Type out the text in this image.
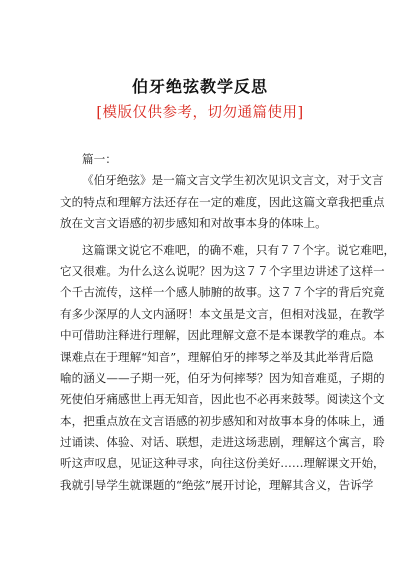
伯牙绝弦教学反思
[模版仅供参考，切勿通篇使用]
篇一：
《伯牙绝弦》是一篇文言文学生初次见识文言文，对于文言
文的特点和理解方法还存在一定的难度，因此这篇文章我把重点
放在文言文语感的初步感知和对故事本身的体味上。
这篇课文说它不难吧，的确不难，只有７７个字。说它难吧，
它又很难。为什么这么说呢？因为这７７个字里边讲述了这样一
个千古流传，这样一个感人肺腑的故事。这７７个字的背后究竟
有多少深厚的人文内涵呀！本文虽是文言，但相对浅显，在教学
中可借助注释进行理解，因此理解文意不是本课教学的难点。本
课难点在于理解“知音”，理解伯牙的摔琴之举及其此举背后隐
喻的涵义——子期一死，伯牙为何摔琴？因为知音难觅，子期的
死使伯牙痛感世上再无知音，因此也不必再来鼓琴。阅读这个文
本，把重点放在文言语感的初步感知和对故事本身的体味上，通
过诵读、体验、对话、联想，走进这场悲剧，理解这个寓言，聆
听这声叹息，见证这种寻求，向往这份美好……理解课文开始，
我就引导学生就课题的“绝弦”展开讨论，理解其含义，告诉学
